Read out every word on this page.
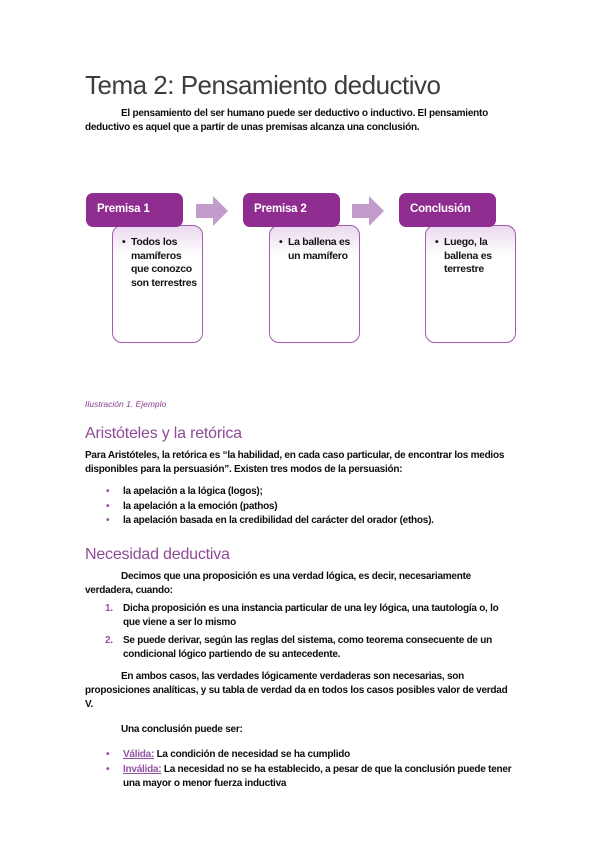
Tema 2: Pensamiento deductivo

El pensamiento del ser humano puede ser deductivo o inductivo. El pensamiento deductivo es aquel que a partir de unas premisas alcanza una conclusión.

Premisa 1
• Todos los mamíferos que conozco son terrestres
Premisa 2
• La ballena es un mamífero
Conclusión
• Luego, la ballena es terrestre

Ilustración 1. Ejemplo

Aristóteles y la retórica

Para Aristóteles, la retórica es “la habilidad, en cada caso particular, de encontrar los medios disponibles para la persuasión”. Existen tres modos de la persuasión:

• la apelación a la lógica (logos);
• la apelación a la emoción (pathos)
• la apelación basada en la credibilidad del carácter del orador (ethos).
Necesidad deductiva

Decimos que una proposición es una verdad lógica, es decir, necesariamente verdadera, cuando:

1. Dicha proposición es una instancia particular de una ley lógica, una tautología o, lo que viene a ser lo mismo
2. Se puede derivar, según las reglas del sistema, como teorema consecuente de un condicional lógico partiendo de su antecedente.

En ambos casos, las verdades lógicamente verdaderas son necesarias, son proposiciones analíticas, y su tabla de verdad da en todos los casos posibles valor de verdad V.

Una conclusión puede ser:

• Válida: La condición de necesidad se ha cumplido
• Inválida: La necesidad no se ha establecido, a pesar de que la conclusión puede tener una mayor o menor fuerza inductiva
